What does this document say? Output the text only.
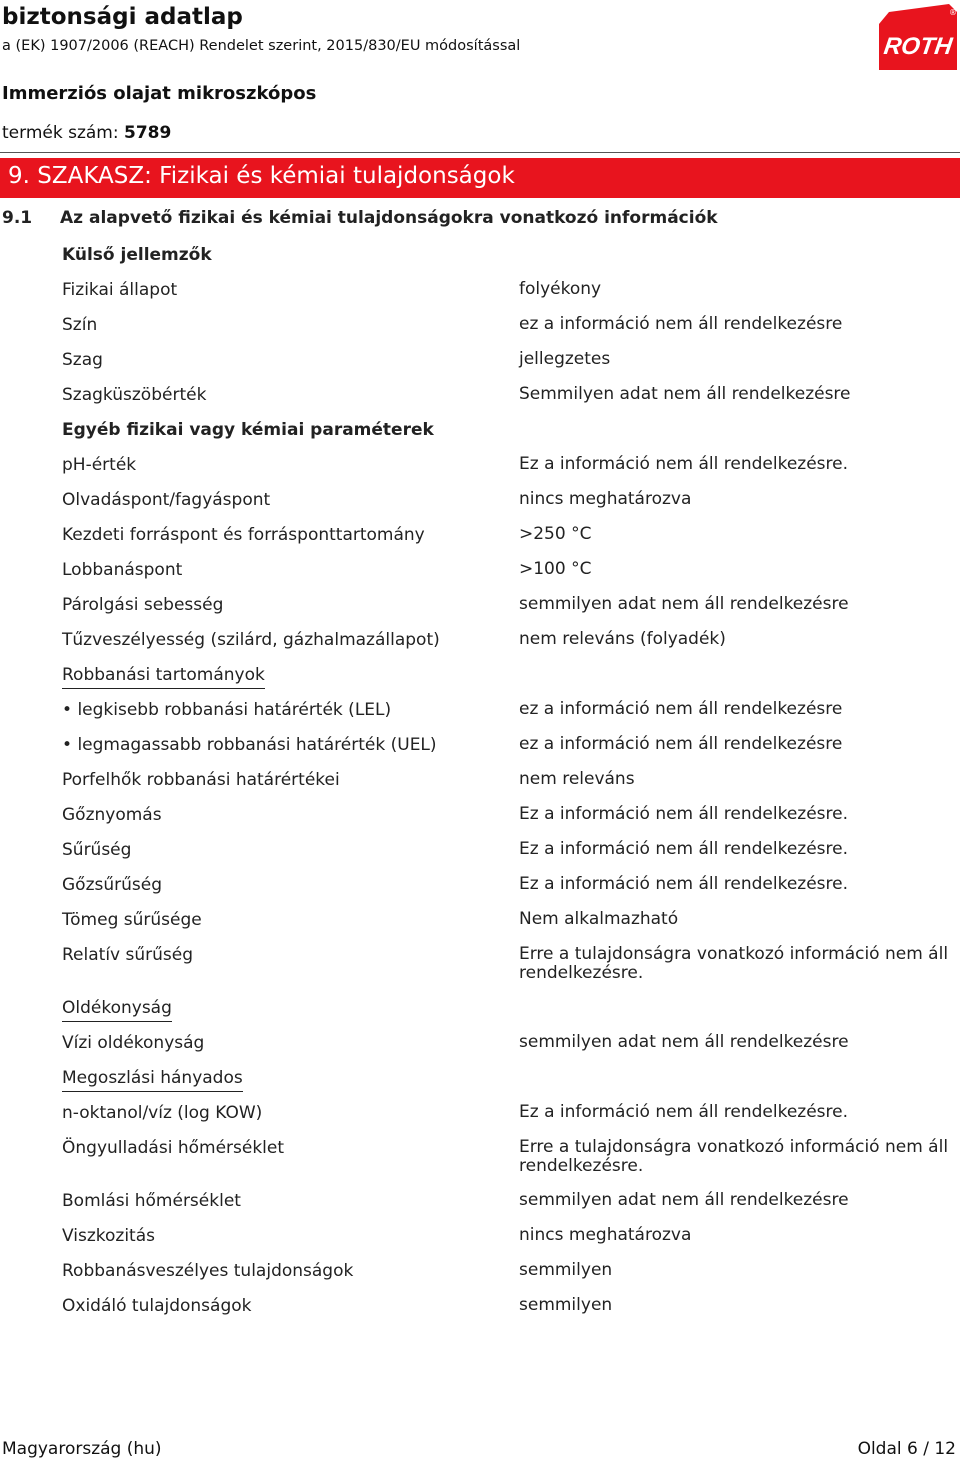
biztonsági adatlap
a (EK) 1907/2006 (REACH) Rendelet szerint, 2015/830/EU módosítással	ROTH
®
Immerziós olajat mikroszkópos
termék szám: 5789
9. SZAKASZ: Fizikai és kémiai tulajdonságok
9.1 Az alapvető fizikai és kémiai tulajdonságokra vonatkozó információk
Külső jellemzők
Fizikai állapot	folyékony
Szín	ez a információ nem áll rendelkezésre
Szag	jellegzetes
Szagküszöbérték	Semmilyen adat nem áll rendelkezésre
Egyéb fizikai vagy kémiai paraméterek
pH-érték	Ez a információ nem áll rendelkezésre.
Olvadáspont/fagyáspont	nincs meghatározva
Kezdeti forráspont és forrásponttartomány	>250 °C
Lobbanáspont	>100 °C
Párolgási sebesség	semmilyen adat nem áll rendelkezésre
Tűzveszélyesség (szilárd, gázhalmazállapot)	nem releváns (folyadék)
Robbanási tartományok
• legkisebb robbanási határérték (LEL)	ez a információ nem áll rendelkezésre
• legmagassabb robbanási határérték (UEL)	ez a információ nem áll rendelkezésre
Porfelhők robbanási határértékei	nem releváns
Gőznyomás	Ez a információ nem áll rendelkezésre.
Sűrűség	Ez a információ nem áll rendelkezésre.
Gőzsűrűség	Ez a információ nem áll rendelkezésre.
Tömeg sűrűsége	Nem alkalmazható
Relatív sűrűség	Erre a tulajdonságra vonatkozó információ nem áll rendelkezésre.
Oldékonyság
Vízi oldékonyság	semmilyen adat nem áll rendelkezésre
Megoszlási hányados
n-oktanol/víz (log KOW)	Ez a információ nem áll rendelkezésre.
Öngyulladási hőmérséklet	Erre a tulajdonságra vonatkozó információ nem áll rendelkezésre.
Bomlási hőmérséklet	semmilyen adat nem áll rendelkezésre
Viszkozitás	nincs meghatározva
Robbanásveszélyes tulajdonságok	semmilyen
Oxidáló tulajdonságok	semmilyen
Magyarország (hu)	Oldal 6 / 12
